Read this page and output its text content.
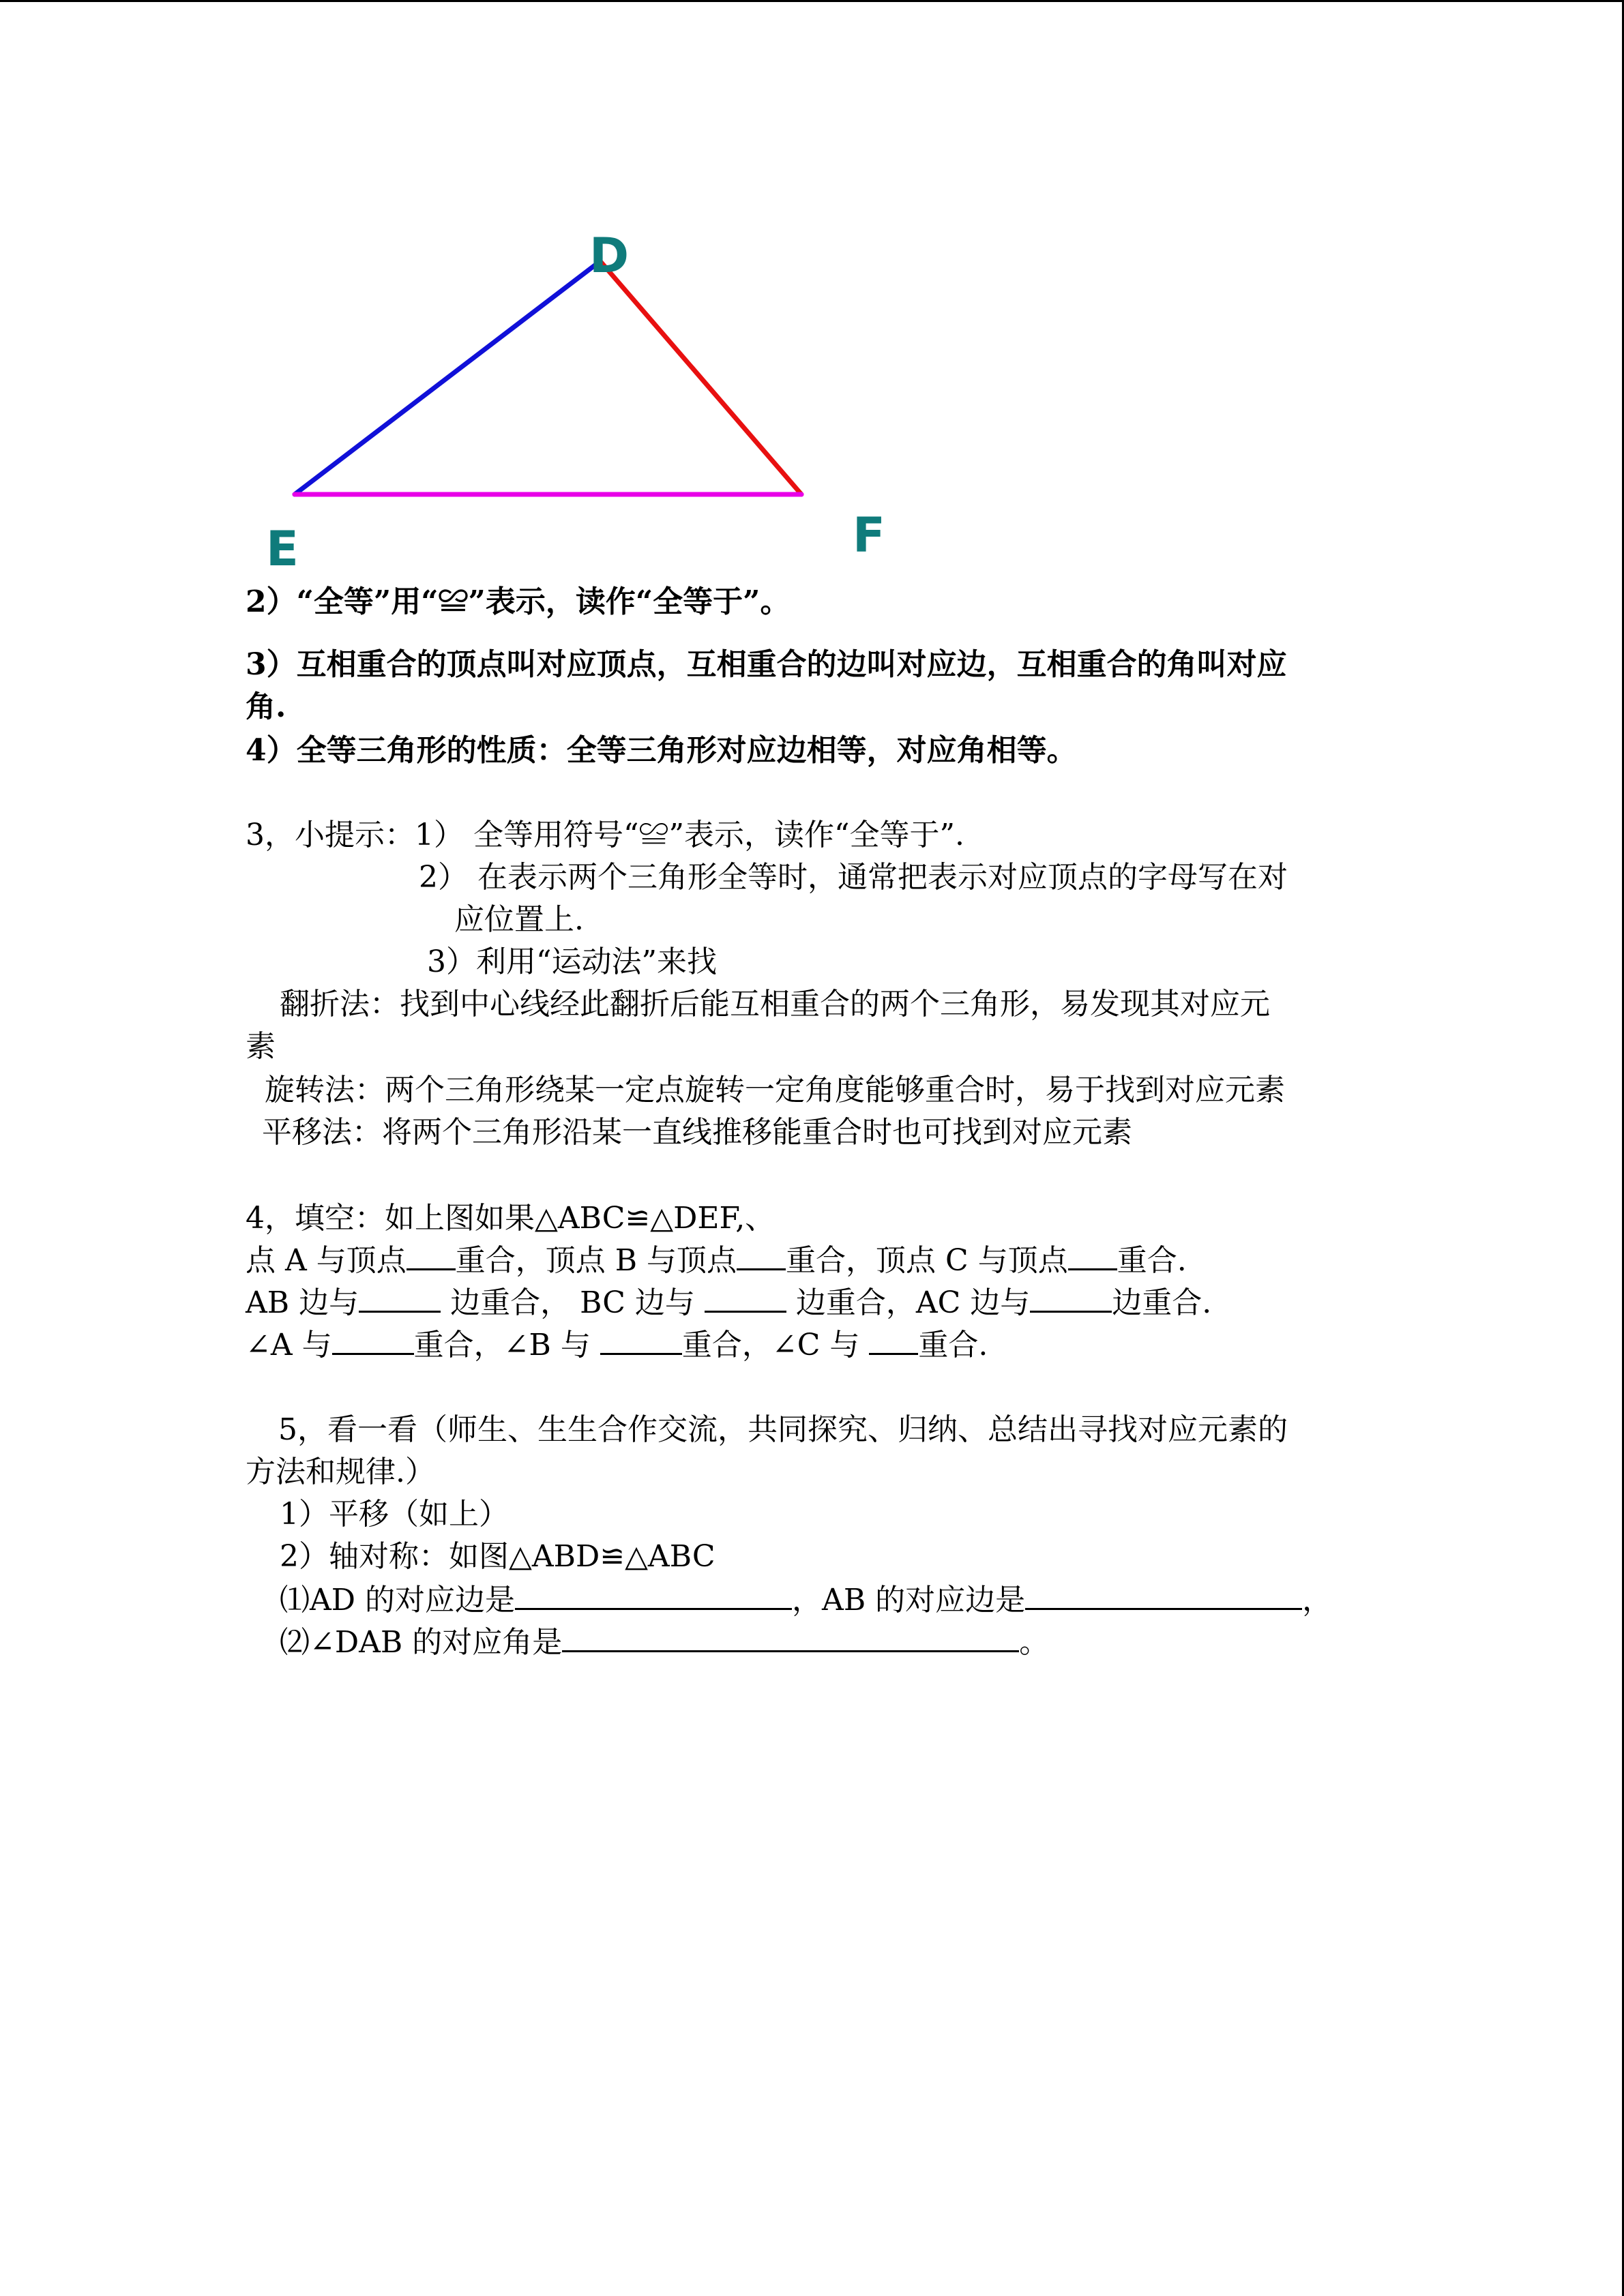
D
E	F
2）“全等”用“≌”表示，读作“全等于”。
3）互相重合的顶点叫对应顶点，互相重合的边叫对应边，互相重合的角叫对应
角.
4）全等三角形的性质：全等三角形对应边相等，对应角相等。
3，小提示：1） 全等用符号“≌”表示，读作“全等于”.
2） 在表示两个三角形全等时，通常把表示对应顶点的字母写在对
应位置上.
3）利用“运动法”来找
翻折法：找到中心线经此翻折后能互相重合的两个三角形，易发现其对应元
素
旋转法：两个三角形绕某一定点旋转一定角度能够重合时，易于找到对应元素
平移法：将两个三角形沿某一直线推移能重合时也可找到对应元素
4，填空：如上图如果△ABC≌△DEF,、
点 A 与顶点 重合，顶点 B 与顶点 重合，顶点 C 与顶点 重合.
AB 边与	边重合， BC 边与	边重合，AC 边与	边重合.
∠A 与	重合，∠B 与	重合，∠C 与 重合.
5，看一看（师生、生生合作交流，共同探究、归纳、总结出寻找对应元素的
方法和规律.）
1）平移（如上）
2）轴对称：如图△ABD≌△ABC
⑴AD 的对应边是	，AB 的对应边是	，
⑵∠DAB 的对应角是	。
